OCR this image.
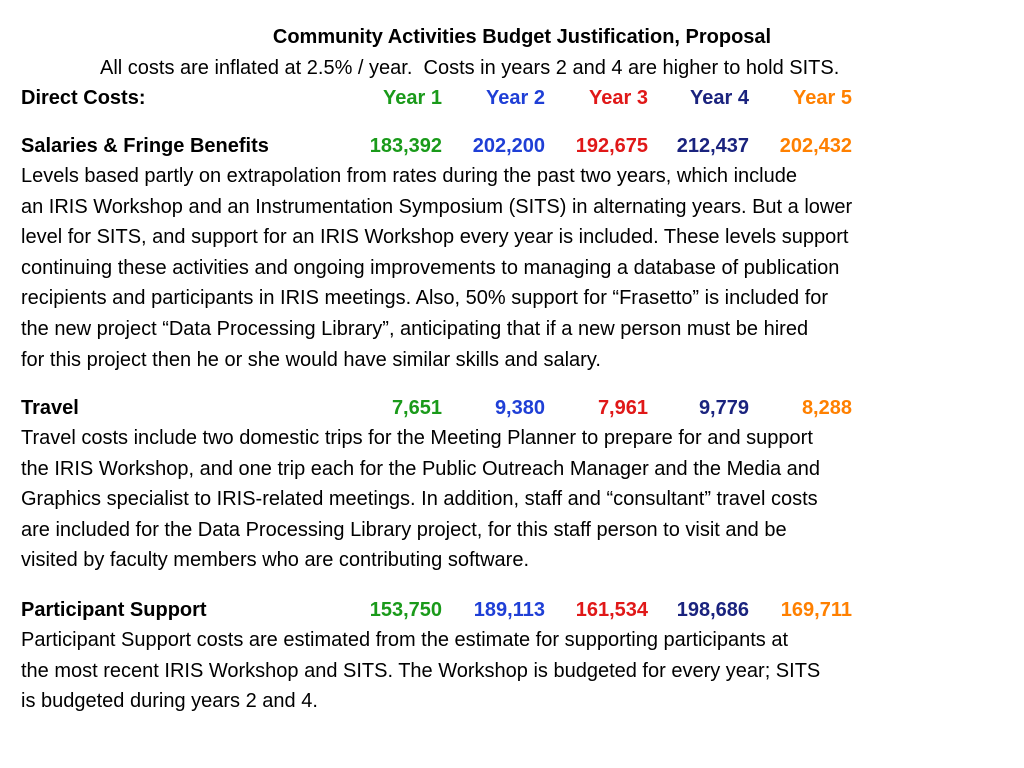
Community Activities Budget Justification, Proposal
All costs are inflated at 2.5% / year.  Costs in years 2 and 4 are higher to hold SITS.
Direct Costs:	Year 1 Year 2 Year 3 Year 4 Year 5
Salaries & Fringe Benefits	183,392 202,200 192,675 212,437 202,432
Levels based partly on extrapolation from rates during the past two years, which include
an IRIS Workshop and an Instrumentation Symposium (SITS) in alternating years. But a lower
level for SITS, and support for an IRIS Workshop every year is included. These levels support
continuing these activities and ongoing improvements to managing a database of publication
recipients and participants in IRIS meetings. Also, 50% support for “Frasetto” is included for
the new project “Data Processing Library”, anticipating that if a new person must be hired
for this project then he or she would have similar skills and salary.
Travel	7,651	9,380	7,961	9,779	8,288
Travel costs include two domestic trips for the Meeting Planner to prepare for and support
the IRIS Workshop, and one trip each for the Public Outreach Manager and the Media and
Graphics specialist to IRIS-related meetings. In addition, staff and “consultant” travel costs
are included for the Data Processing Library project, for this staff person to visit and be
visited by faculty members who are contributing software.
Participant Support	153,750 189,113 161,534 198,686 169,711
Participant Support costs are estimated from the estimate for supporting participants at
the most recent IRIS Workshop and SITS. The Workshop is budgeted for every year; SITS
is budgeted during years 2 and 4.
